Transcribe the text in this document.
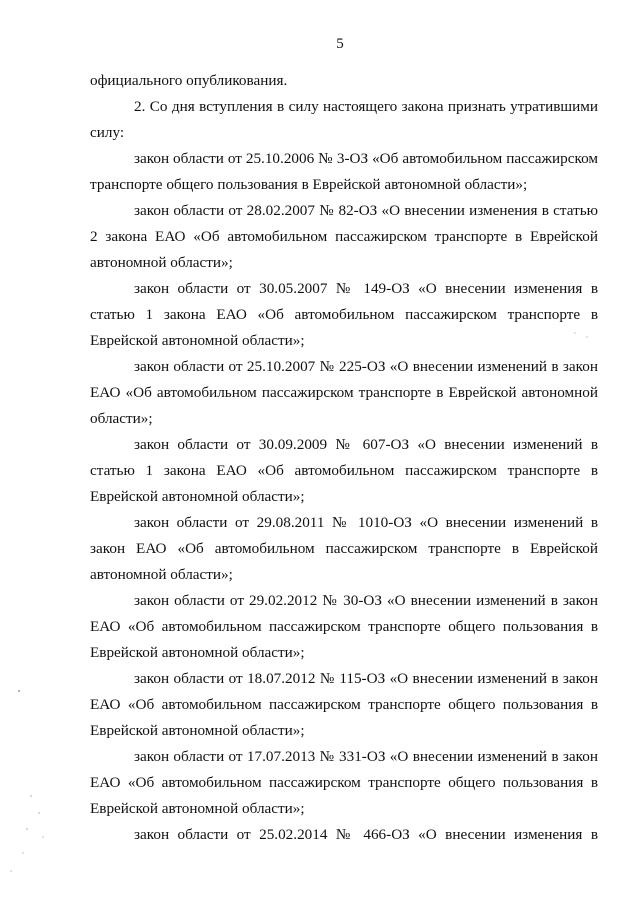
5

официального опубликования.

2. Со дня вступления в силу настоящего закона признать утратившими силу:

закон области от 25.10.2006 № 3-ОЗ «Об автомобильном пассажирском транспорте общего пользования в Еврейской автономной области»;

закон области от 28.02.2007 № 82-ОЗ «О внесении изменения в статью 2 закона ЕАО «Об автомобильном пассажирском транспорте в Еврейской автономной области»;

закон области от 30.05.2007 № 149-ОЗ «О внесении изменения в статью 1 закона ЕАО «Об автомобильном пассажирском транспорте в Еврейской автономной области»;

закон области от 25.10.2007 № 225-ОЗ «О внесении изменений в закон ЕАО «Об автомобильном пассажирском транспорте в Еврейской автономной области»;

закон области от 30.09.2009 № 607-ОЗ «О внесении изменений в статью 1 закона ЕАО «Об автомобильном пассажирском транспорте в Еврейской автономной области»;

закон области от 29.08.2011 № 1010-ОЗ «О внесении изменений в закон ЕАО «Об автомобильном пассажирском транспорте в Еврейской автономной области»;

закон области от 29.02.2012 № 30-ОЗ «О внесении изменений в закон ЕАО «Об автомобильном пассажирском транспорте общего пользования в Еврейской автономной области»;

закон области от 18.07.2012 № 115-ОЗ «О внесении изменений в закон ЕАО «Об автомобильном пассажирском транспорте общего пользования в Еврейской автономной области»;

закон области от 17.07.2013 № 331-ОЗ «О внесении изменений в закон ЕАО «Об автомобильном пассажирском транспорте общего пользования в Еврейской автономной области»;

закон области от 25.02.2014 № 466-ОЗ «О внесении изменения в
